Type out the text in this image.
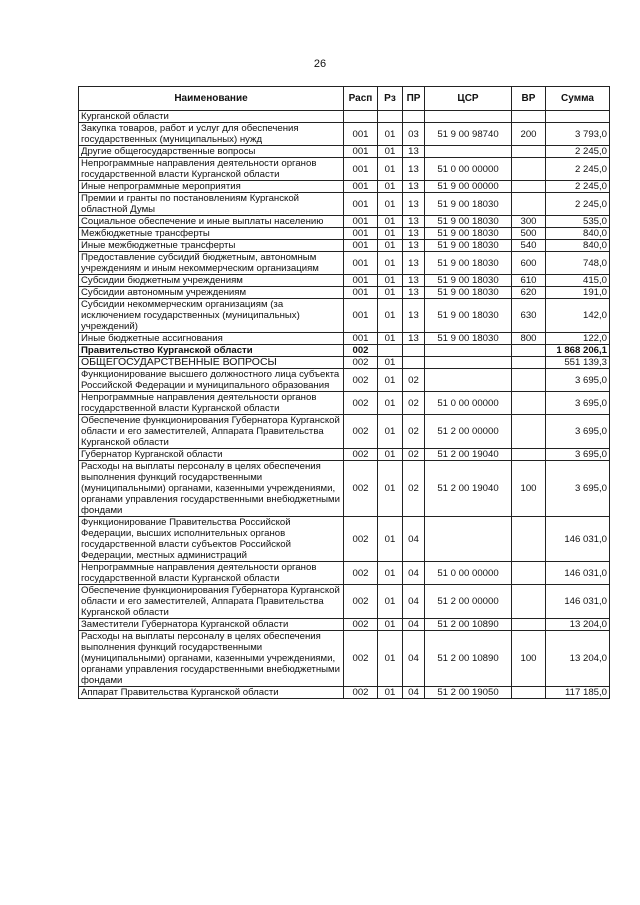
26
Наименование	Расп	Рз	ПР	ЦСР	ВР	Сумма
Курганской области						
Закупка товаров, работ и услуг для обеспечения государственных (муниципальных) нужд	001	01	03	51 9 00 98740	200	3 793,0
Другие общегосударственные вопросы	001	01	13			2 245,0
Непрограммные направления деятельности органов государственной власти Курганской области	001	01	13	51 0 00 00000		2 245,0
Иные непрограммные мероприятия	001	01	13	51 9 00 00000		2 245,0
Премии и гранты по постановлениям Курганской областной Думы	001	01	13	51 9 00 18030		2 245,0
Социальное обеспечение и иные выплаты населению	001	01	13	51 9 00 18030	300	535,0
Межбюджетные трансферты	001	01	13	51 9 00 18030	500	840,0
Иные межбюджетные трансферты	001	01	13	51 9 00 18030	540	840,0
Предоставление субсидий бюджетным, автономным учреждениям и иным некоммерческим организациям	001	01	13	51 9 00 18030	600	748,0
Субсидии бюджетным учреждениям	001	01	13	51 9 00 18030	610	415,0
Субсидии автономным учреждениям	001	01	13	51 9 00 18030	620	191,0
Субсидии некоммерческим организациям (за исключением государственных (муниципальных) учреждений)	001	01	13	51 9 00 18030	630	142,0
Иные бюджетные ассигнования	001	01	13	51 9 00 18030	800	122,0
Правительство Курганской области	002					1 868 206,1
ОБЩЕГОСУДАРСТВЕННЫЕ ВОПРОСЫ	002	01				551 139,3
Функционирование высшего должностного лица субъекта Российской Федерации и муниципального образования	002	01	02			3 695,0
Непрограммные направления деятельности органов государственной власти Курганской области	002	01	02	51 0 00 00000		3 695,0
Обеспечение функционирования Губернатора Курганской области и его заместителей, Аппарата Правительства Курганской области	002	01	02	51 2 00 00000		3 695,0
Губернатор Курганской области	002	01	02	51 2 00 19040		3 695,0
Расходы на выплаты персоналу в целях обеспечения выполнения функций государственными (муниципальными) органами, казенными учреждениями, органами управления государственными внебюджетными фондами	002	01	02	51 2 00 19040	100	3 695,0
Функционирование Правительства Российской Федерации, высших исполнительных органов государственной власти субъектов Российской Федерации, местных администраций	002	01	04			146 031,0
Непрограммные направления деятельности органов государственной власти Курганской области	002	01	04	51 0 00 00000		146 031,0
Обеспечение функционирования Губернатора Курганской области и его заместителей, Аппарата Правительства Курганской области	002	01	04	51 2 00 00000		146 031,0
Заместители Губернатора Курганской области	002	01	04	51 2 00 10890		13 204,0
Расходы на выплаты персоналу в целях обеспечения выполнения функций государственными (муниципальными) органами, казенными учреждениями, органами управления государственными внебюджетными фондами	002	01	04	51 2 00 10890	100	13 204,0
Аппарат Правительства Курганской области	002	01	04	51 2 00 19050		117 185,0
